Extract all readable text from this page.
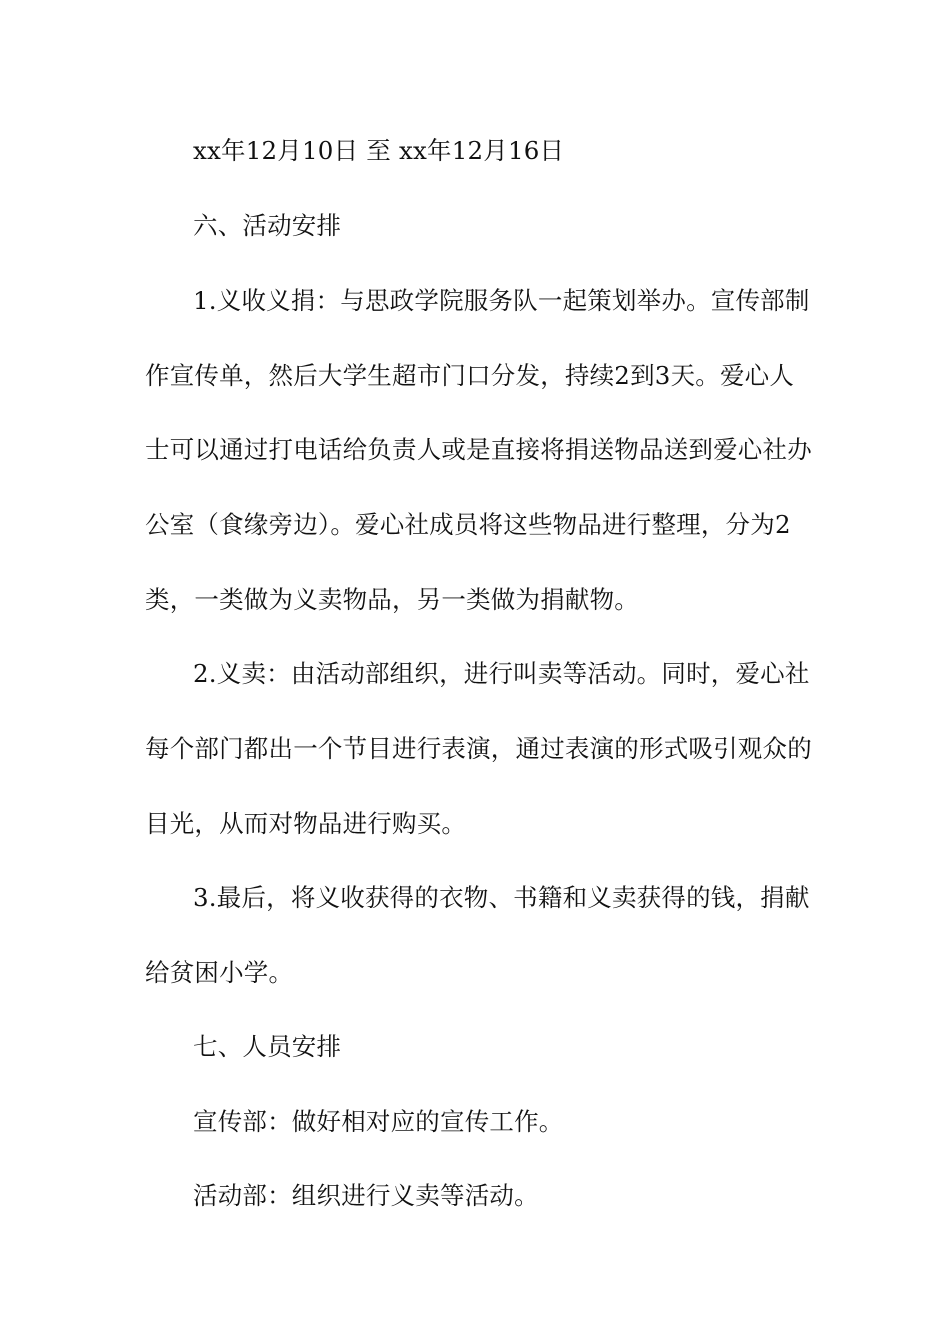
xx年12月10日 至 xx年12月16日
六、活动安排
1.义收义捐：与思政学院服务队一起策划举办。宣传部制
作宣传单，然后大学生超市门口分发，持续2到3天。爱心人
士可以通过打电话给负责人或是直接将捐送物品送到爱心社办
公室（食缘旁边）。爱心社成员将这些物品进行整理，分为2
类，一类做为义卖物品，另一类做为捐献物。
2.义卖：由活动部组织，进行叫卖等活动。同时，爱心社
每个部门都出一个节目进行表演，通过表演的形式吸引观众的
目光，从而对物品进行购买。
3.最后，将义收获得的衣物、书籍和义卖获得的钱，捐献
给贫困小学。
七、人员安排
宣传部：做好相对应的宣传工作。
活动部：组织进行义卖等活动。
